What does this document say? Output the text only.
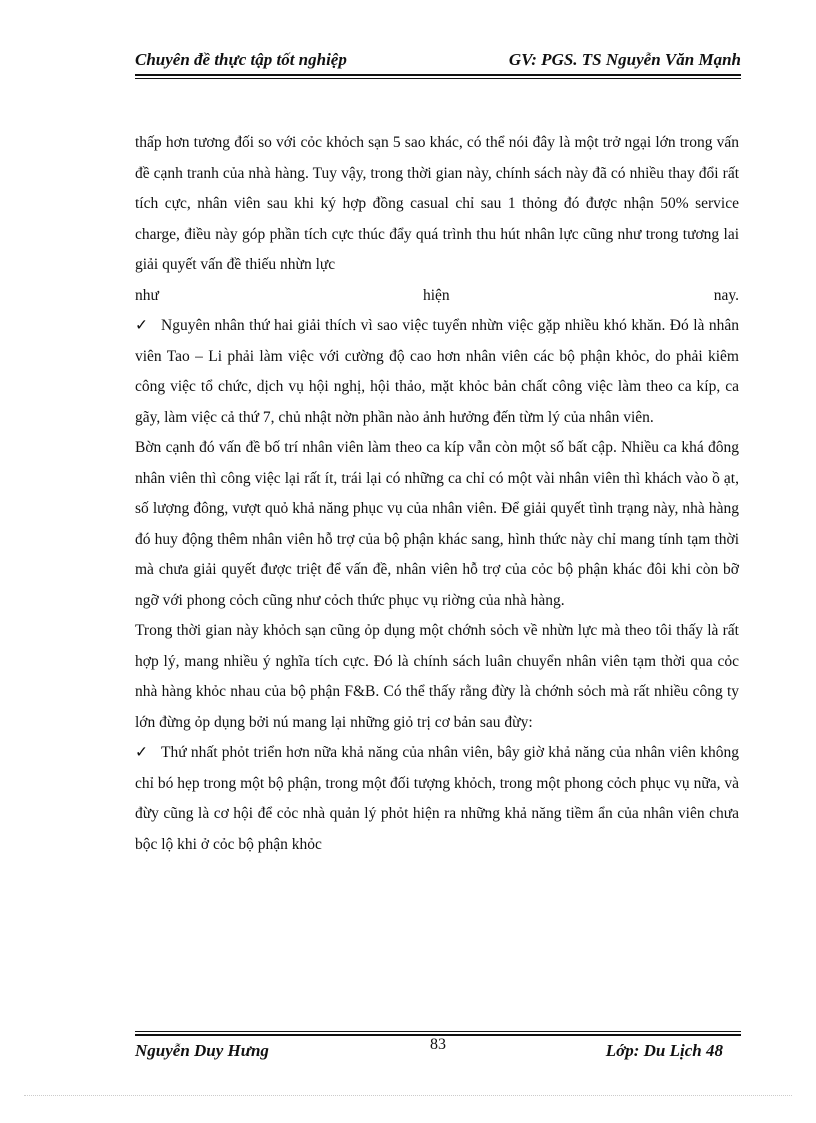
Chuyên đề thực tập tốt nghiệp	GV: PGS. TS Nguyễn Văn Mạnh

thấp hơn tương đối so với cỏc khỏch sạn 5 sao khác, có thể nói đây là một trở ngại lớn trong vấn đề cạnh tranh của nhà hàng. Tuy vậy, trong thời gian này, chính sách này đã có nhiều thay đổi rất tích cực, nhân viên sau khi ký hợp đồng casual chỉ sau 1 thỏng đó được nhận 50% service charge, điều này góp phần tích cực thúc đẩy quá trình thu hút nhân lực cũng như trong tương lai giải quyết vấn đề thiếu nhừn lực

như	hiện	nay.

✓ Nguyên nhân thứ hai giải thích vì sao việc tuyển nhừn việc gặp nhiều khó khăn. Đó là nhân viên Tao – Li phải làm việc với cường độ cao hơn nhân viên các bộ phận khỏc, do phải kiêm công việc tổ chức, dịch vụ hội nghị, hội thảo, mặt khỏc bản chất công việc làm theo ca kíp, ca gãy, làm việc cả thứ 7, chủ nhật nờn phần nào ảnh hưởng đến từm lý của nhân viên.

Bờn cạnh đó vấn đề bố trí nhân viên làm theo ca kíp vẫn còn một số bất cập. Nhiều ca khá đông nhân viên thì công việc lại rất ít, trái lại có những ca chỉ có một vài nhân viên thì khách vào ồ ạt, số lượng đông, vượt quỏ khả năng phục vụ của nhân viên. Để giải quyết tình trạng này, nhà hàng đó huy động thêm nhân viên hỗ trợ của bộ phận khác sang, hình thức này chỉ mang tính tạm thời mà chưa giải quyết được triệt để vấn đề, nhân viên hỗ trợ của cỏc bộ phận khác đôi khi còn bỡ ngỡ với phong cỏch cũng như cỏch thức phục vụ riờng của nhà hàng.

Trong thời gian này khỏch sạn cũng ỏp dụng một chớnh sỏch về nhừn lực mà theo tôi thấy là rất hợp lý, mang nhiều ý nghĩa tích cực. Đó là chính sách luân chuyển nhân viên tạm thời qua cỏc nhà hàng khỏc nhau của bộ phận F&B. Có thể thấy rằng đừy là chớnh sỏch mà rất nhiều công ty lớn đừng ỏp dụng bởi nú mang lại những giỏ trị cơ bản sau đừy:

✓ Thứ nhất phỏt triển hơn nữa khả năng của nhân viên, bây giờ khả năng của nhân viên không chỉ bó hẹp trong một bộ phận, trong một đối tượng khỏch, trong một phong cỏch phục vụ nữa, và đừy cũng là cơ hội để cỏc nhà quản lý phỏt hiện ra những khả năng tiềm ẩn của nhân viên chưa bộc lộ khi ở cỏc bộ phận khỏc

Nguyễn Duy Hưng	83	Lớp: Du Lịch 48
